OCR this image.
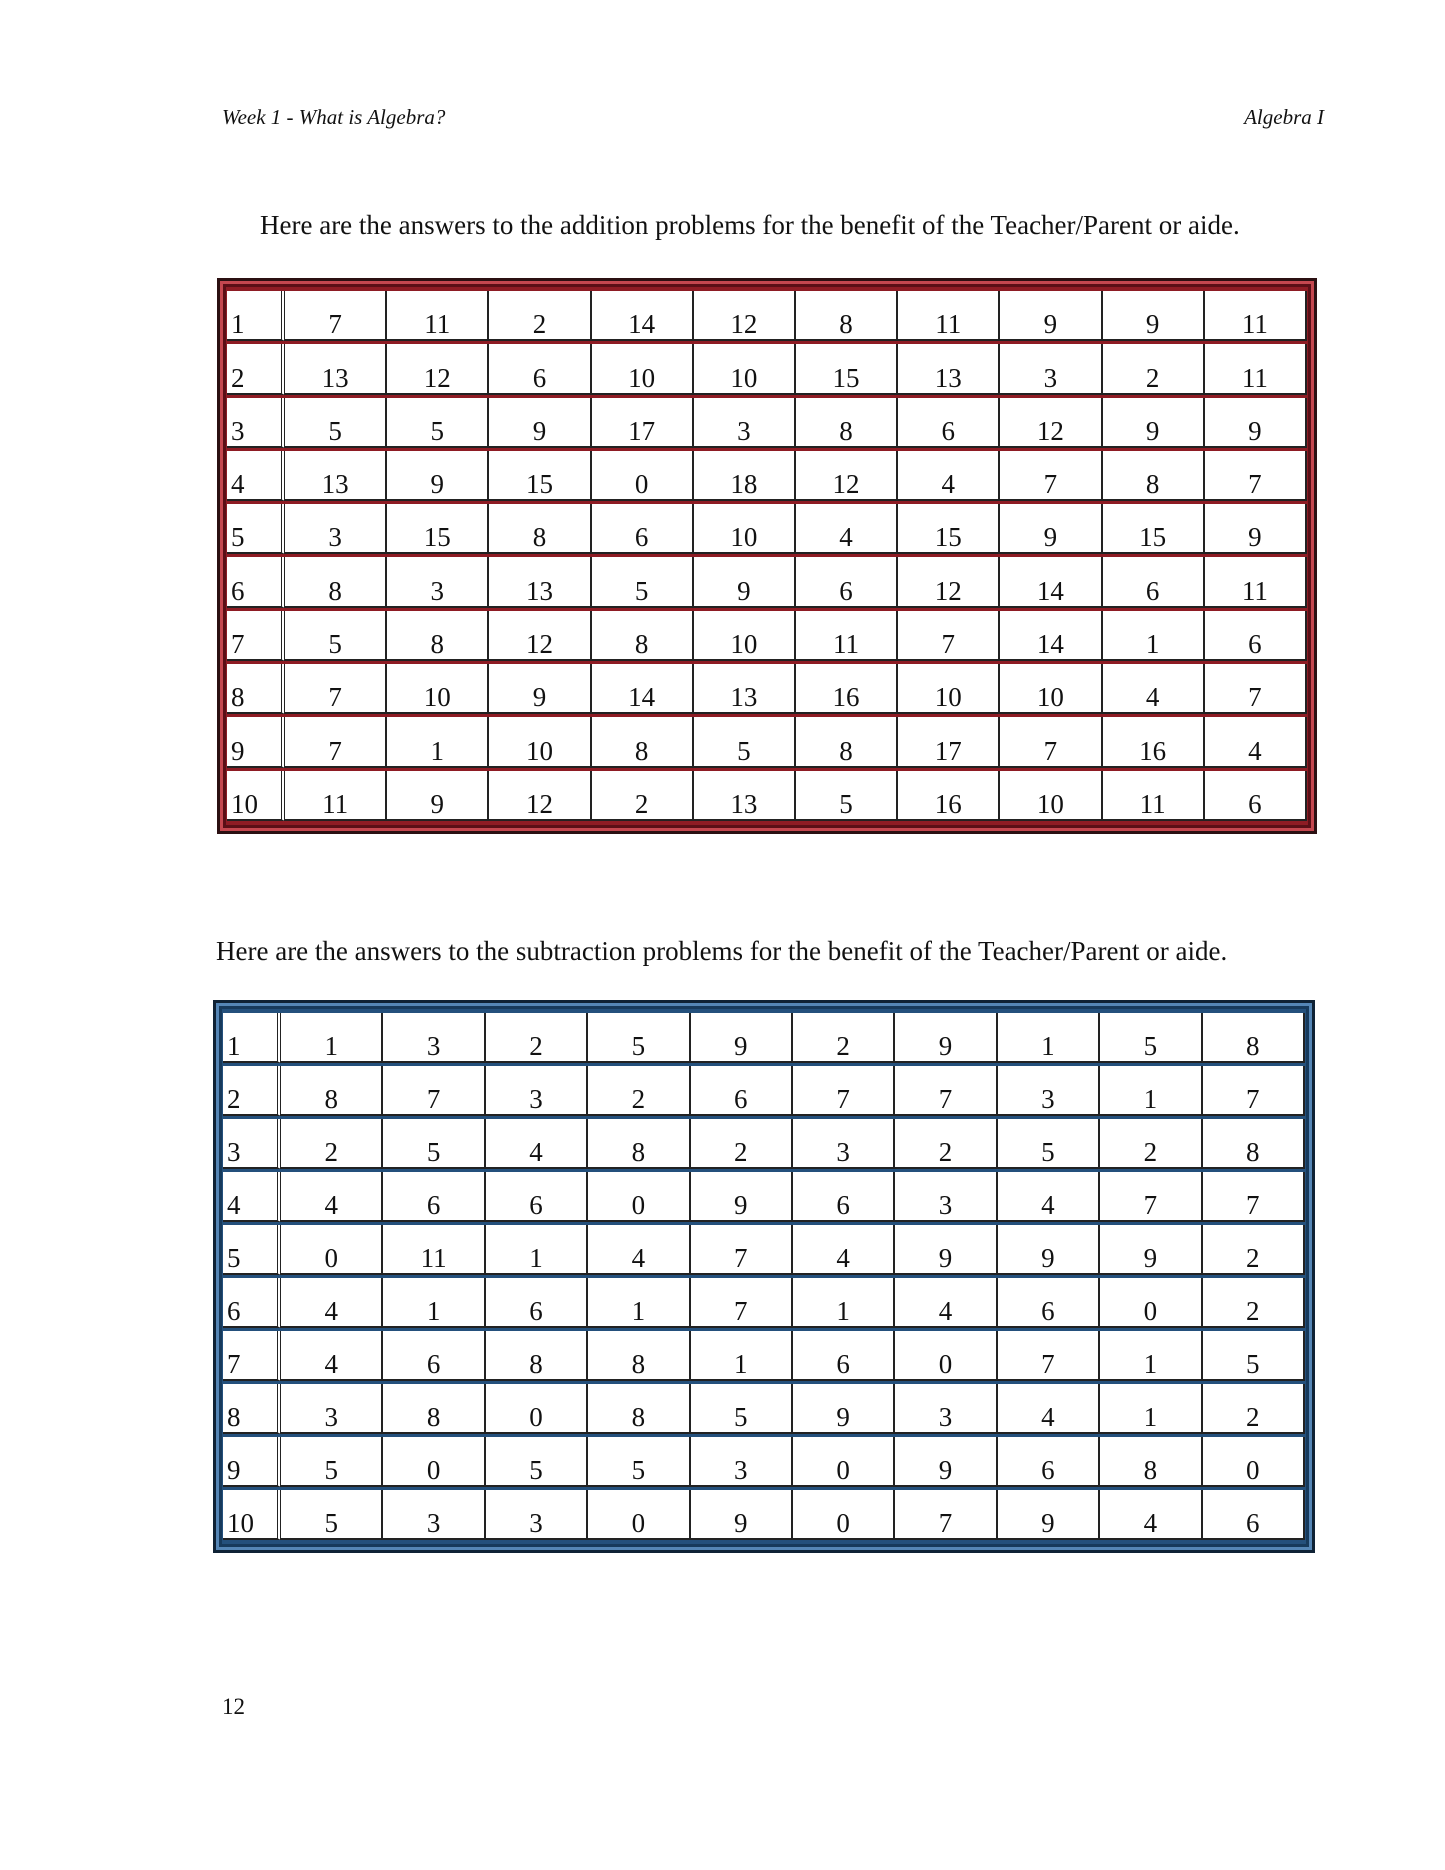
Week 1 - What is Algebra?	Algebra I
Here are the answers to the addition problems for the benefit of the Teacher/Parent or aide.
1	7	11	2	14	12	8	11	9	9	11
2	13	12	6	10	10	15	13	3	2	11
3	5	5	9	17	3	8	6	12	9	9
4	13	9	15	0	18	12	4	7	8	7
5	3	15	8	6	10	4	15	9	15	9
6	8	3	13	5	9	6	12	14	6	11
7	5	8	12	8	10	11	7	14	1	6
8	7	10	9	14	13	16	10	10	4	7
9	7	1	10	8	5	8	17	7	16	4
10	11	9	12	2	13	5	16	10	11	6
Here are the answers to the subtraction problems for the benefit of the Teacher/Parent or aide.
1	1	3	2	5	9	2	9	1	5	8
2	8	7	3	2	6	7	7	3	1	7
3	2	5	4	8	2	3	2	5	2	8
4	4	6	6	0	9	6	3	4	7	7
5	0	11	1	4	7	4	9	9	9	2
6	4	1	6	1	7	1	4	6	0	2
7	4	6	8	8	1	6	0	7	1	5
8	3	8	0	8	5	9	3	4	1	2
9	5	0	5	5	3	0	9	6	8	0
10	5	3	3	0	9	0	7	9	4	6
12
